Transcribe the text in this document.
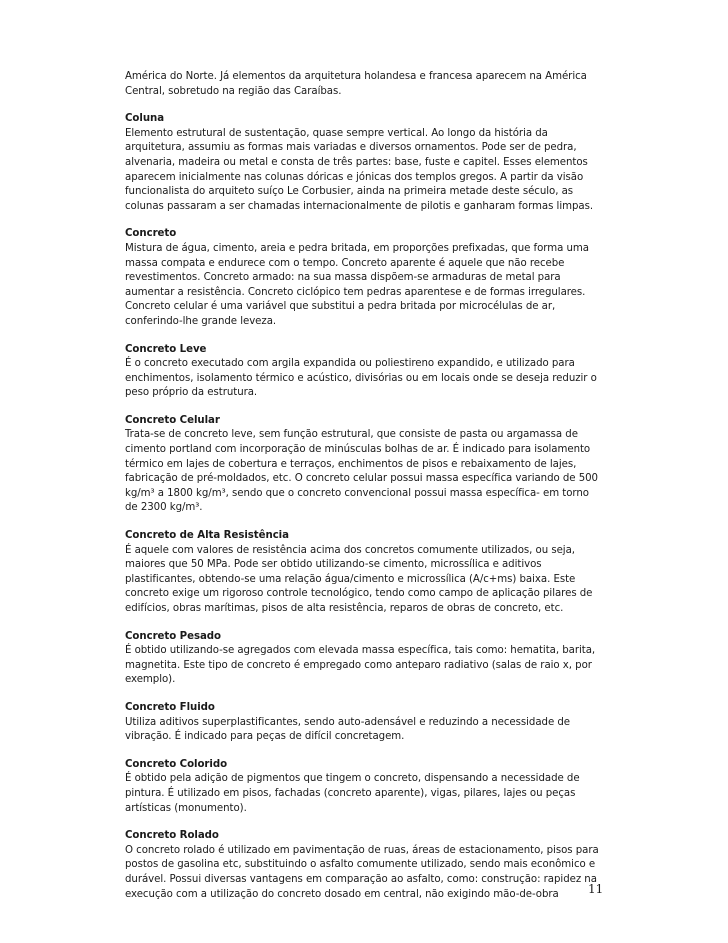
América do Norte. Já elementos da arquitetura holandesa e francesa aparecem na América Central, sobretudo na região das Caraíbas.

Coluna
Elemento estrutural de sustentação, quase sempre vertical. Ao longo da história da arquitetura, assumiu as formas mais variadas e diversos ornamentos. Pode ser de pedra, alvenaria, madeira ou metal e consta de três partes: base, fuste e capitel. Esses elementos aparecem inicialmente nas colunas dóricas e jónicas dos templos gregos. A partir da visão funcionalista do arquiteto suíço Le Corbusier, ainda na primeira metade deste século, as colunas passaram a ser chamadas internacionalmente de pilotis e ganharam formas limpas.
Concreto
Mistura de água, cimento, areia e pedra britada, em proporções prefixadas, que forma uma massa compata e endurece com o tempo. Concreto aparente é aquele que não recebe revestimentos. Concreto armado: na sua massa dispõem-se armaduras de metal para aumentar a resistência. Concreto ciclópico tem pedras aparentese e de formas irregulares. Concreto celular é uma variável que substitui a pedra britada por microcélulas de ar, conferindo-lhe grande leveza.
Concreto Leve
É o concreto executado com argila expandida ou poliestireno expandido, e utilizado para enchimentos, isolamento térmico e acústico, divisórias ou em locais onde se deseja reduzir o peso próprio da estrutura.
Concreto Celular
Trata-se de concreto leve, sem função estrutural, que consiste de pasta ou argamassa de cimento portland com incorporação de minúsculas bolhas de ar. É indicado para isolamento térmico em lajes de cobertura e terraços, enchimentos de pisos e rebaixamento de lajes, fabricação de pré-moldados, etc. O concreto celular possui massa específica variando de 500 kg/m³ a 1800 kg/m³, sendo que o concreto convencional possui massa específica- em torno de 2300 kg/m³.
Concreto de Alta Resistência
É aquele com valores de resistência acima dos concretos comumente utilizados, ou seja, maiores que 50 MPa. Pode ser obtido utilizando-se cimento, microssílica e aditivos plastificantes, obtendo-se uma relação água/cimento e microssílica (A/c+ms) baixa. Este concreto exige um rigoroso controle tecnológico, tendo como campo de aplicação pilares de edifícios, obras marítimas, pisos de alta resistência, reparos de obras de concreto, etc.
Concreto Pesado
É obtido utilizando-se agregados com elevada massa específica, tais como: hematita, barita, magnetita. Este tipo de concreto é empregado como anteparo radiativo (salas de raio x, por exemplo).
Concreto Fluido
Utiliza aditivos superplastificantes, sendo auto-adensável e reduzindo a necessidade de vibração. É indicado para peças de difícil concretagem.
Concreto Colorido
É obtido pela adição de pigmentos que tingem o concreto, dispensando a necessidade de pintura. É utilizado em pisos, fachadas (concreto aparente), vigas, pilares, lajes ou peças artísticas (monumento).
Concreto Rolado
O concreto rolado é utilizado em pavimentação de ruas, áreas de estacionamento, pisos para postos de gasolina etc, substituindo o asfalto comumente utilizado, sendo mais econômico e durável. Possui diversas vantagens em comparação ao asfalto, como: construção: rapidez na execução com a utilização do concreto dosado em central, não exigindo mão-de-obra	11
